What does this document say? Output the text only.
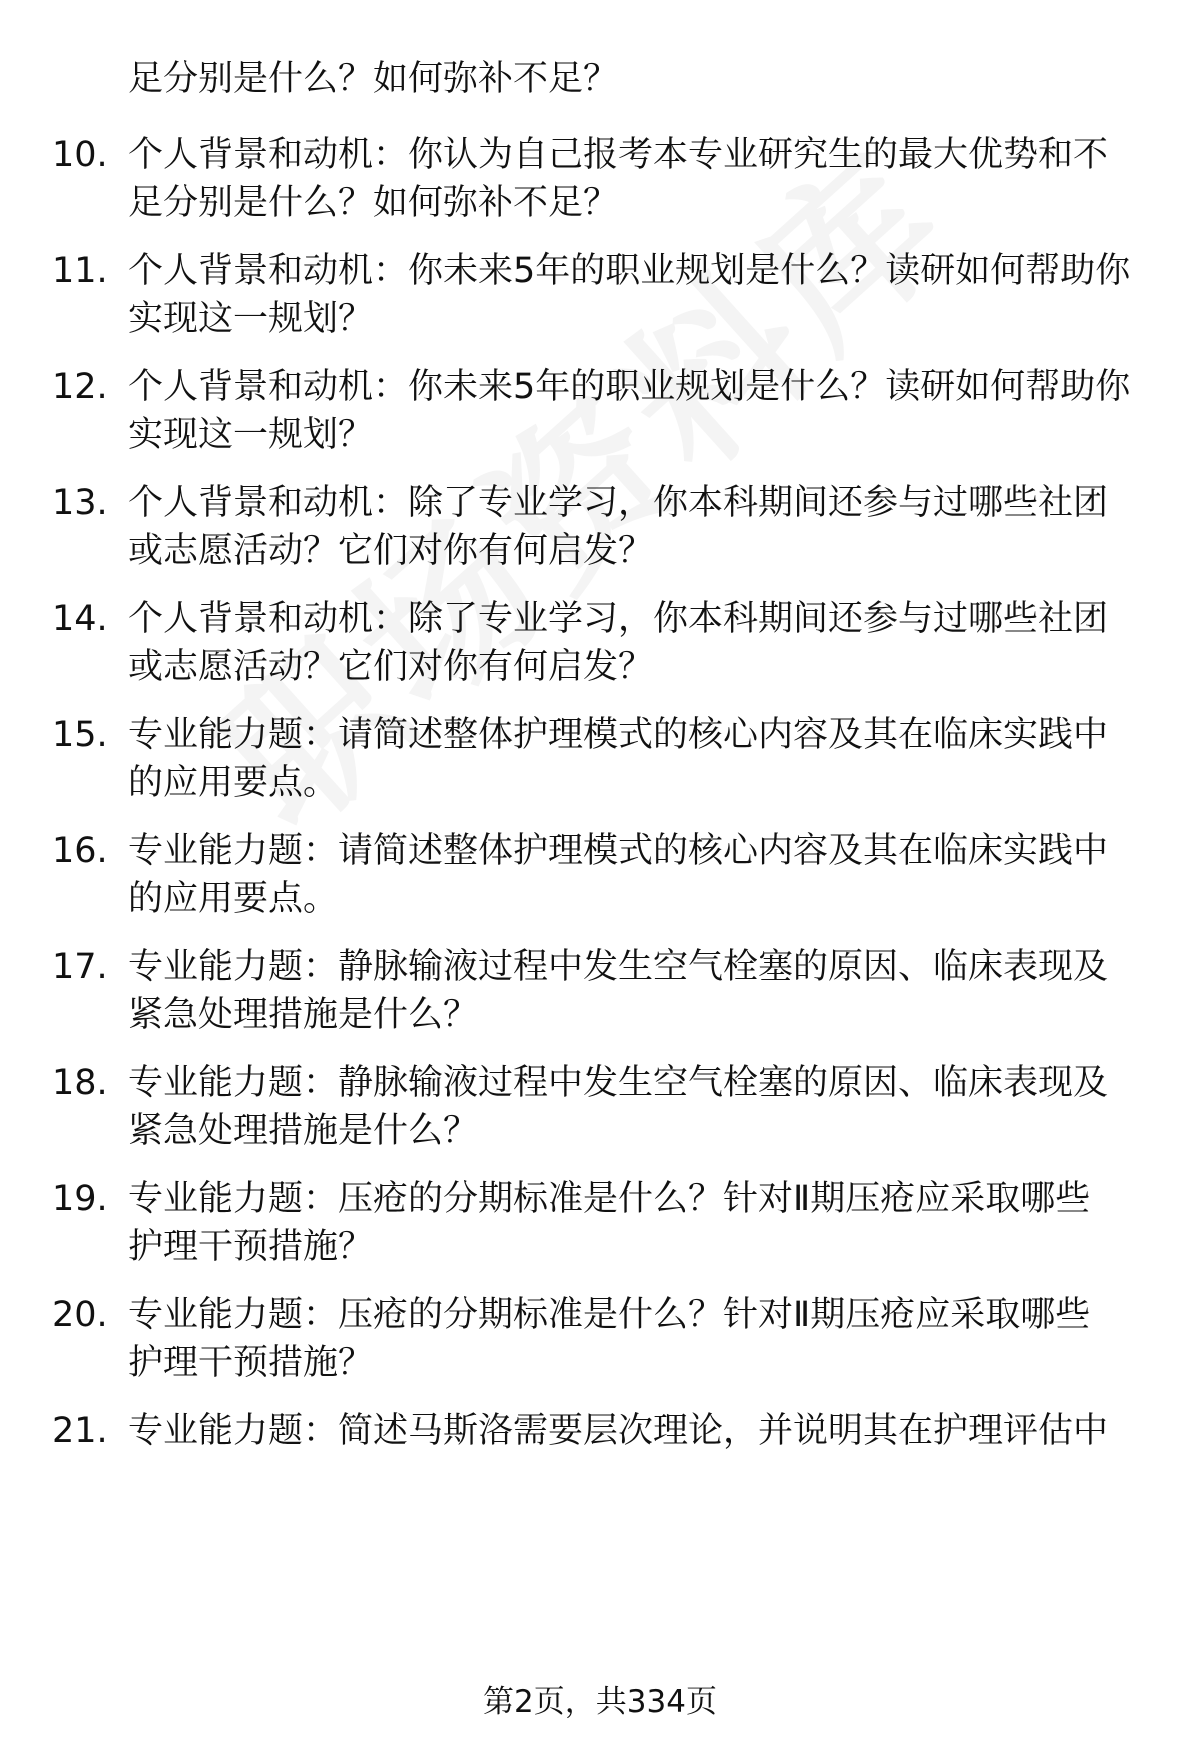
足分别是什么？如何弥补不足？
10. 个人背景和动机：你认为自己报考本专业研究生的最大优势和不
足分别是什么？如何弥补不足？
11. 个人背景和动机：你未来5年的职业规划是什么？读研如何帮助你
实现这一规划？
12. 个人背景和动机：你未来5年的职业规划是什么？读研如何帮助你
实现这一规划？
13. 个人背景和动机：除了专业学习，你本科期间还参与过哪些社团
或志愿活动？它们对你有何启发？
14. 个人背景和动机：除了专业学习，你本科期间还参与过哪些社团
或志愿活动？它们对你有何启发？
15. 专业能力题：请简述整体护理模式的核心内容及其在临床实践中
的应用要点。
16. 专业能力题：请简述整体护理模式的核心内容及其在临床实践中
的应用要点。
17. 专业能力题：静脉输液过程中发生空气栓塞的原因、临床表现及
紧急处理措施是什么？
18. 专业能力题：静脉输液过程中发生空气栓塞的原因、临床表现及
紧急处理措施是什么？
19. 专业能力题：压疮的分期标准是什么？针对Ⅱ期压疮应采取哪些
护理干预措施？
20. 专业能力题：压疮的分期标准是什么？针对Ⅱ期压疮应采取哪些
护理干预措施？
21. 专业能力题：简述马斯洛需要层次理论，并说明其在护理评估中
第2页，共334页
